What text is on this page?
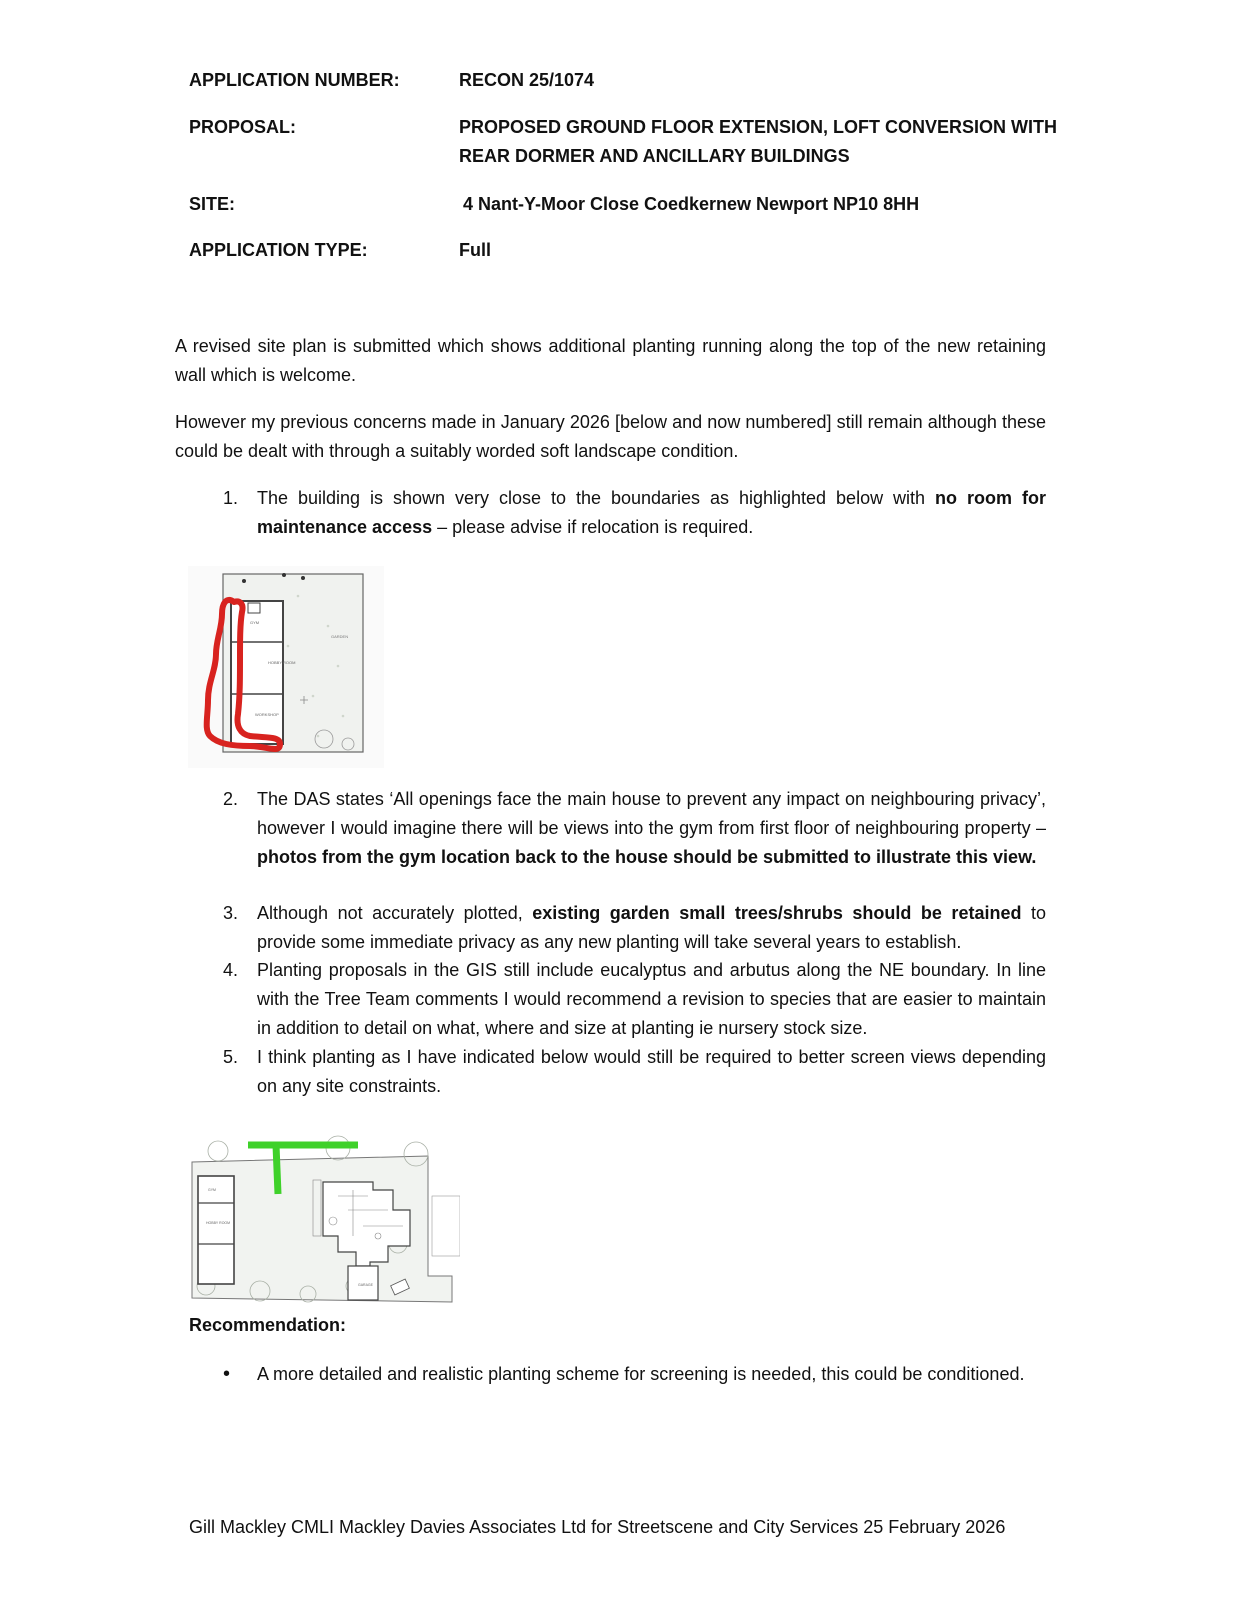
APPLICATION NUMBER:	RECON 25/1074
PROPOSAL:	PROPOSED GROUND FLOOR EXTENSION, LOFT CONVERSION WITH
REAR DORMER AND ANCILLARY BUILDINGS
SITE:	4 Nant-Y-Moor Close Coedkernew Newport NP10 8HH
APPLICATION TYPE:	Full
A revised site plan is submitted which shows additional planting running along the top of the new retaining wall which is welcome.
However my previous concerns made in January 2026 [below and now numbered] still remain although these could be dealt with through a suitably worded soft landscape condition.
1.	The building is shown very close to the boundaries as highlighted below with no room for maintenance access – please advise if relocation is required.
GYM
HOBBY ROOM
WORKSHOP
GARDEN
2.	The DAS states ‘All openings face the main house to prevent any impact on neighbouring privacy’, however I would imagine there will be views into the gym from first floor of neighbouring property – photos from the gym location back to the house should be submitted to illustrate this view.
3.	Although not accurately plotted, existing garden small trees/shrubs should be retained to provide some immediate privacy as any new planting will take several years to establish.
4.	Planting proposals in the GIS still include eucalyptus and arbutus along the NE boundary. In line with the Tree Team comments I would recommend a revision to species that are easier to maintain in addition to detail on what, where and size at planting ie nursery stock size.
5.	I think planting as I have indicated below would still be required to better screen views depending on any site constraints.
GYM
HOBBY ROOM
GARAGE
Recommendation:
•	A more detailed and realistic planting scheme for screening is needed, this could be conditioned.
Gill Mackley CMLI Mackley Davies Associates Ltd for Streetscene and City Services 25 February 2026
